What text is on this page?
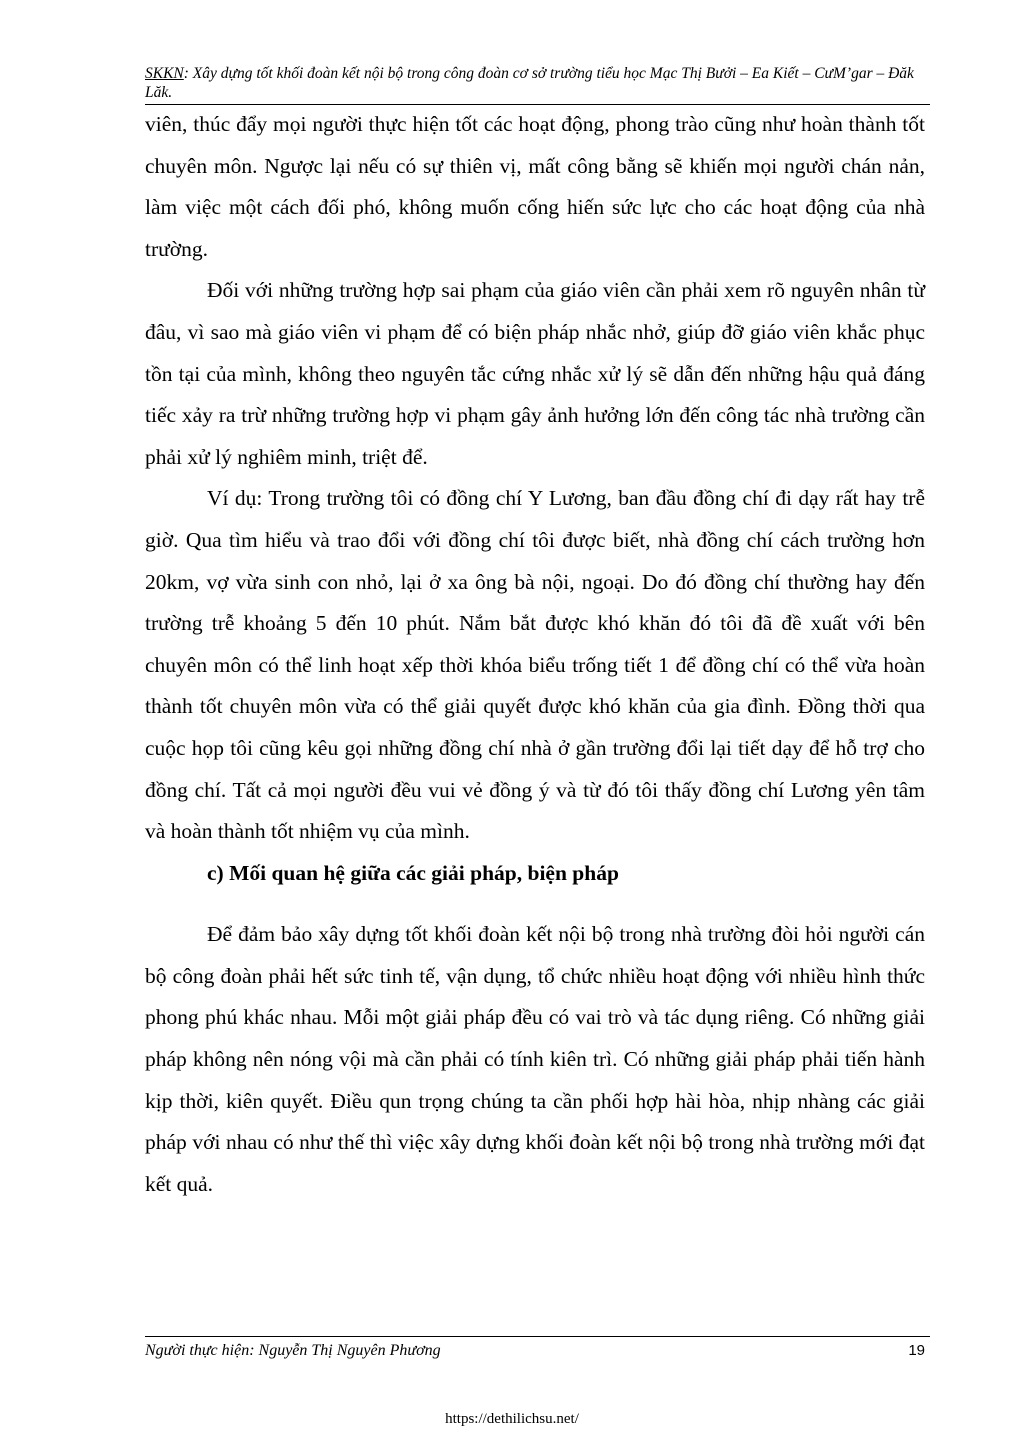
SKKN: Xây dựng tốt khối đoàn kết nội bộ trong công đoàn cơ sở trường tiểu học Mạc Thị Bưởi – Ea Kiết – CưM’gar – Đăk Lăk.

viên, thúc đẩy mọi người thực hiện tốt các hoạt động, phong trào cũng như hoàn thành tốt chuyên môn. Ngược lại nếu có sự thiên vị, mất công bằng sẽ khiến mọi người chán nản, làm việc một cách đối phó, không muốn cống hiến sức lực cho các hoạt động của nhà trường.

Đối với những trường hợp sai phạm của giáo viên cần phải xem rõ nguyên nhân từ đâu, vì sao mà giáo viên vi phạm để có biện pháp nhắc nhở, giúp đỡ giáo viên khắc phục tồn tại của mình, không theo nguyên tắc cứng nhắc xử lý sẽ dẫn đến những hậu quả đáng tiếc xảy ra trừ những trường hợp vi phạm gây ảnh hưởng lớn đến công tác nhà trường cần phải xử lý nghiêm minh, triệt để.

Ví dụ: Trong trường tôi có đồng chí Y Lương, ban đầu đồng chí đi dạy rất hay trễ giờ. Qua tìm hiểu và trao đổi với đồng chí tôi được biết, nhà đồng chí cách trường hơn 20km, vợ vừa sinh con nhỏ, lại ở xa ông bà nội, ngoại. Do đó đồng chí thường hay đến trường trễ khoảng 5 đến 10 phút. Nắm bắt được khó khăn đó tôi đã đề xuất với bên chuyên môn có thể linh hoạt xếp thời khóa biểu trống tiết 1 để đồng chí có thể vừa hoàn thành tốt chuyên môn vừa có thể giải quyết được khó khăn của gia đình. Đồng thời qua cuộc họp tôi cũng kêu gọi những đồng chí nhà ở gần trường đổi lại tiết dạy để hỗ trợ cho đồng chí. Tất cả mọi người đều vui vẻ đồng ý và từ đó tôi thấy đồng chí Lương yên tâm và hoàn thành tốt nhiệm vụ của mình.

c) Mối quan hệ giữa các giải pháp, biện pháp

Để đảm bảo xây dựng tốt khối đoàn kết nội bộ trong nhà trường đòi hỏi người cán bộ công đoàn phải hết sức tinh tế, vận dụng, tổ chức nhiều hoạt động với nhiều hình thức phong phú khác nhau. Mỗi một giải pháp đều có vai trò và tác dụng riêng. Có những giải pháp không nên nóng vội mà cần phải có tính kiên trì. Có những giải pháp phải tiến hành kịp thời, kiên quyết. Điều qun trọng chúng ta cần phối hợp hài hòa, nhịp nhàng các giải pháp với nhau có như thế thì việc xây dựng khối đoàn kết nội bộ trong nhà trường mới đạt kết quả.

Người thực hiện: Nguyễn Thị Nguyên Phương	19
https://dethilichsu.net/
